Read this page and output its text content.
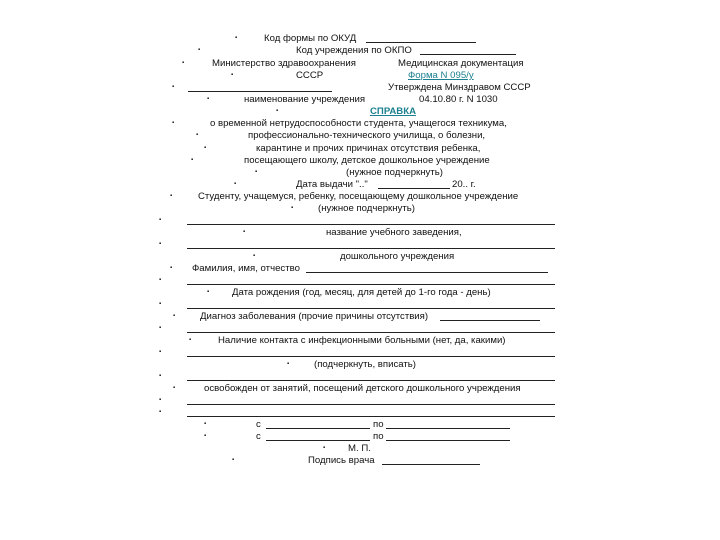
▪	Код формы по ОКУД
▪	Код учреждения по ОКПО
▪	Министерство здравоохранения	Медицинская документация
▪	СССР	Форма N 095/у
▪	Утверждена Минздравом СССР
▪	наименование учреждения	04.10.80 г. N 1030
▪	СПРАВКА
▪	о временной нетрудоспособности студента, учащегося техникума,
▪	профессионально-технического училища, о болезни,
▪	карантине и прочих причинах отсутствия ребенка,
▪	посещающего школу, детское дошкольное учреждение
▪	(нужное подчеркнуть)
▪	Дата выдачи ".."	20.. г.
▪	Студенту, учащемуся, ребенку, посещающему дошкольное учреждение
▪	(нужное подчеркнуть)
▪
▪	название учебного заведения,
▪
▪	дошкольного учреждения
▪ Фамилия, имя, отчество
▪
▪ Дата рождения (год, месяц, для детей до 1-го года - день)
▪
▪	Диагноз заболевания (прочие причины отсутствия)
▪
▪	Наличие контакта с инфекционными больными (нет, да, какими)
▪
▪	(подчеркнуть, вписать)
▪
▪	освобожден от занятий, посещений детского дошкольного учреждения
▪
▪
▪	с	по
▪	с	по
▪ М. П.
▪	Подпись врача
